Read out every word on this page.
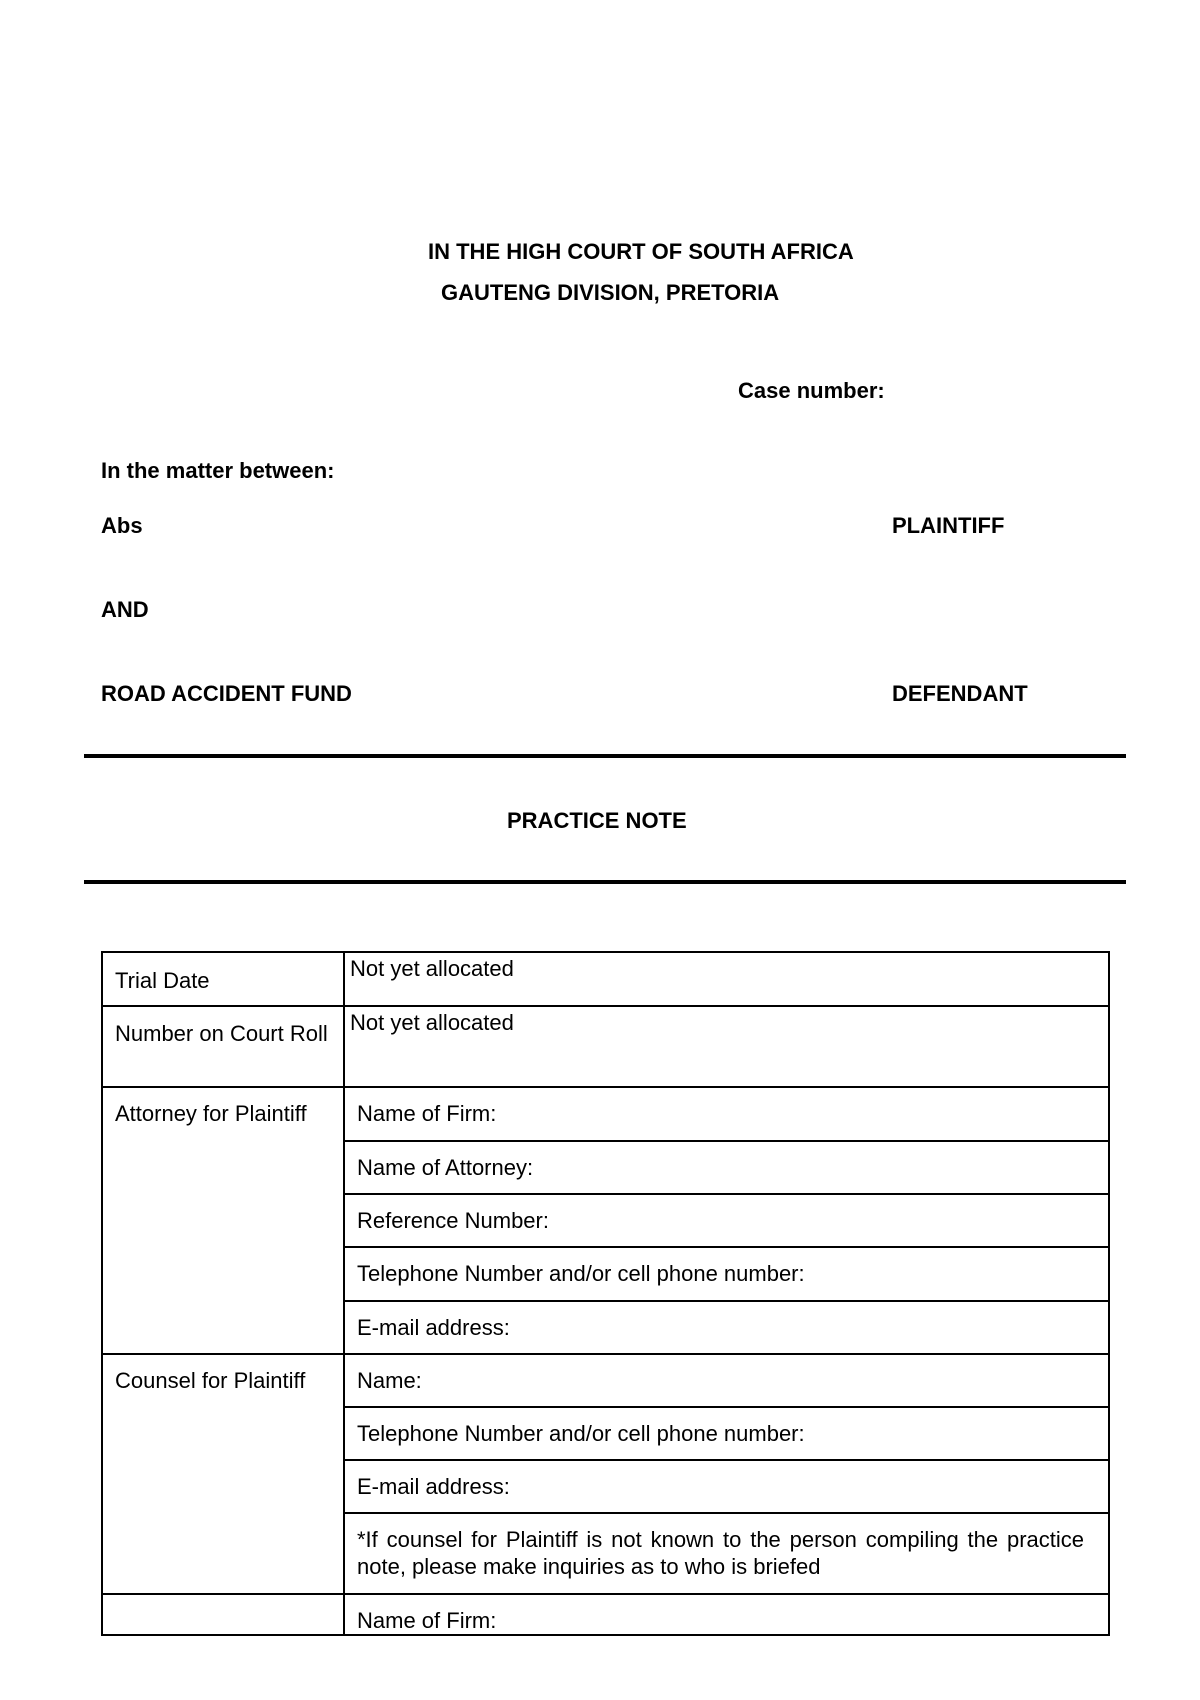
IN THE HIGH COURT OF SOUTH AFRICA
GAUTENG DIVISION, PRETORIA
Case number:
In the matter between:
Abs	PLAINTIFF
AND
ROAD ACCIDENT FUND	DEFENDANT
PRACTICE NOTE
Trial Date	Not yet allocated
Number on Court Roll	Not yet allocated
Attorney for Plaintiff	Name of Firm:
	Name of Attorney:
	Reference Number:
	Telephone Number and/or cell phone number:
	E-mail address:
Counsel for Plaintiff	Name:
	Telephone Number and/or cell phone number:
	E-mail address:
	*If counsel for Plaintiff is not known to the person compiling the practice note, please make inquiries as to who is briefed
	Name of Firm:
